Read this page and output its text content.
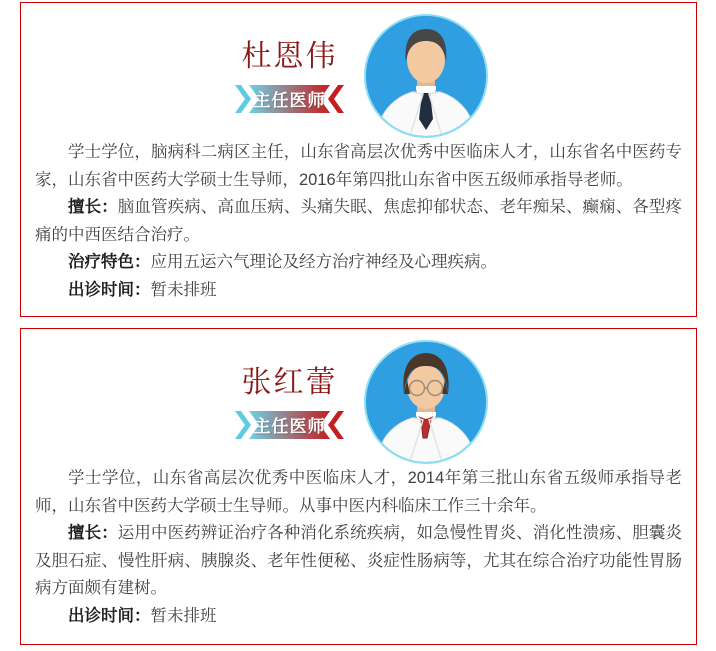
杜恩伟
主任医师

学士学位，脑病科二病区主任，山东省高层次优秀中医临床人才，山东省名中医药专家，山东省中医药大学硕士生导师，2016年第四批山东省中医五级师承指导老师。

擅长：脑血管疾病、高血压病、头痛失眠、焦虑抑郁状态、老年痴呆、癫痫、各型疼痛的中西医结合治疗。

治疗特色：应用五运六气理论及经方治疗神经及心理疾病。

出诊时间：暂未排班

张红蕾
主任医师

学士学位，山东省高层次优秀中医临床人才，2014年第三批山东省五级师承指导老师，山东省中医药大学硕士生导师。从事中医内科临床工作三十余年。

擅长：运用中医药辨证治疗各种消化系统疾病，如急慢性胃炎、消化性溃疡、胆囊炎及胆石症、慢性肝病、胰腺炎、老年性便秘、炎症性肠病等，尤其在综合治疗功能性胃肠病方面颇有建树。

出诊时间：暂未排班
